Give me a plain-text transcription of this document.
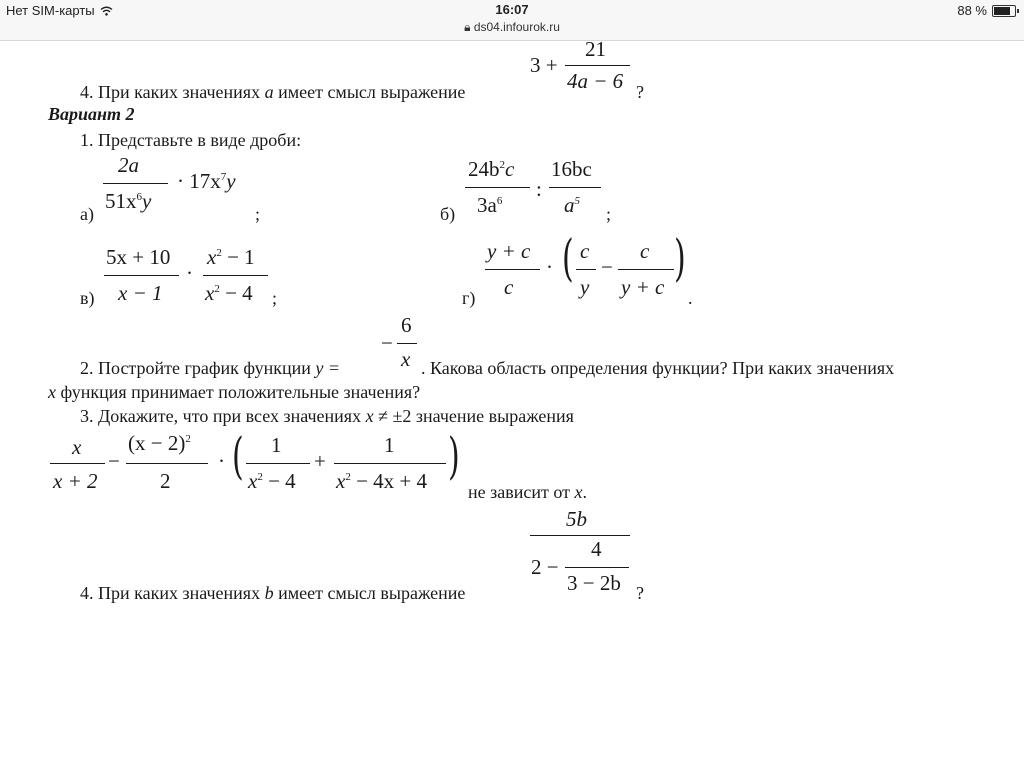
Нет SIM-карты	16:07	88 %
🔒︎ ds04.infourok.ru
4. При каких значениях a имеет смысл выражение
3 +
21
4a − 6 ?
Вариант 2
1. Представьте в виде дроби:
а)
2a
$51x^6y$
· $17x^7y$
;	б)
$24b^2c$
$3a^6$ :
16bc
$a^5$
;
в)
5x + 10
x − 1
·
$x^2 - 1$
$x^2 - 4$ ;	г)
y + c
c
· ( c
y
−
c
y + c )
.
2. Постройте график функции y =
−
6
x . Какова область определения функции? При каких значениях
x функция принимает положительные значения?
3. Докажите, что при всех значениях x ≠ ±2 значение выражения
x
x + 2
−
$(x - 2)^2$
2
· ( 1
$x^2 - 4$
+
1
$x^2 - 4x + 4$ )
не зависит от x.
5b
2 −
4
3 − 2b
4. При каких значениях b имеет смысл выражение	?
